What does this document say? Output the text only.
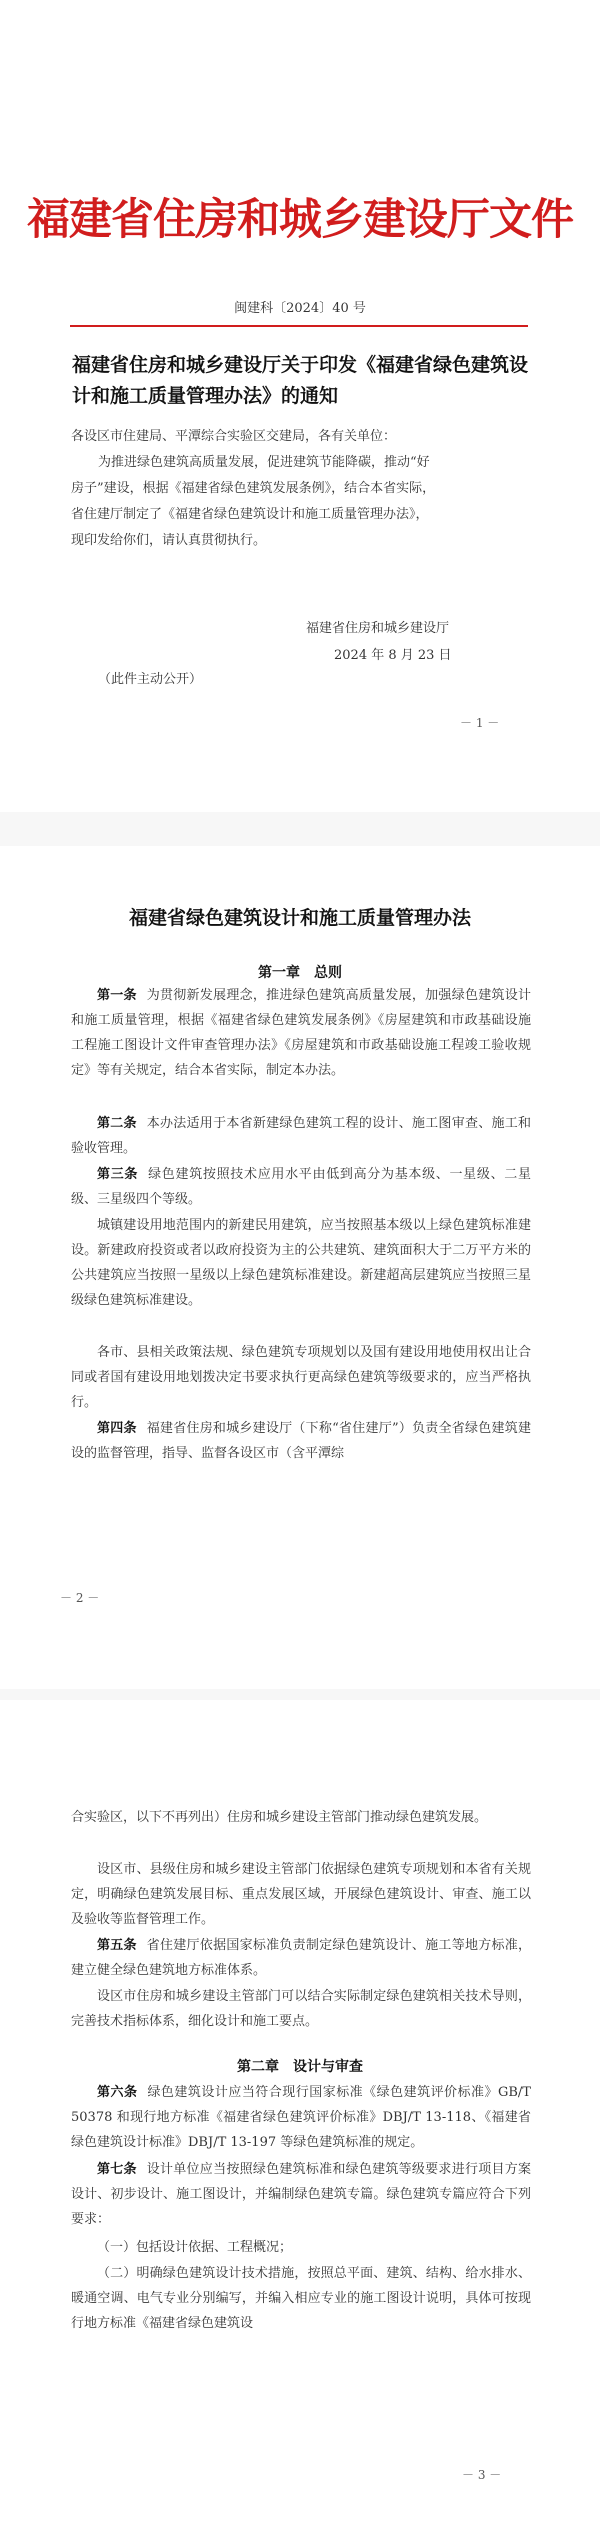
福建省住房和城乡建设厅文件
闽建科〔2024〕40 号
福建省住房和城乡建设厅关于印发《福建省绿色建筑设计和施工质量管理办法》的通知
各设区市住建局、平潭综合实验区交建局，各有关单位：
为推进绿色建筑高质量发展，促进建筑节能降碳，推动“好
房子”建设，根据《福建省绿色建筑发展条例》，结合本省实际，
省住建厅制定了《福建省绿色建筑设计和施工质量管理办法》，
现印发给你们，请认真贯彻执行。
福建省住房和城乡建设厅
2024 年 8 月 23 日
（此件主动公开）
－ 1 －
福建省绿色建筑设计和施工质量管理办法
第一章　总则
第一条 为贯彻新发展理念，推进绿色建筑高质量发展，加强绿色建筑设计和施工质量管理，根据《福建省绿色建筑发展条例》《房屋建筑和市政基础设施工程施工图设计文件审查管理办法》《房屋建筑和市政基础设施工程竣工验收规定》等有关规定，结合本省实际，制定本办法。
第二条 本办法适用于本省新建绿色建筑工程的设计、施工图审查、施工和验收管理。
第三条 绿色建筑按照技术应用水平由低到高分为基本级、一星级、二星级、三星级四个等级。
城镇建设用地范围内的新建民用建筑，应当按照基本级以上绿色建筑标准建设。新建政府投资或者以政府投资为主的公共建筑、建筑面积大于二万平方米的公共建筑应当按照一星级以上绿色建筑标准建设。新建超高层建筑应当按照三星级绿色建筑标准建设。
各市、县相关政策法规、绿色建筑专项规划以及国有建设用地使用权出让合同或者国有建设用地划拨决定书要求执行更高绿色建筑等级要求的，应当严格执行。
第四条 福建省住房和城乡建设厅（下称“省住建厅”）负责全省绿色建筑建设的监督管理，指导、监督各设区市（含平潭综
－ 2 －
合实验区，以下不再列出）住房和城乡建设主管部门推动绿色建筑发展。
设区市、县级住房和城乡建设主管部门依据绿色建筑专项规划和本省有关规定，明确绿色建筑发展目标、重点发展区域，开展绿色建筑设计、审查、施工以及验收等监督管理工作。
第五条 省住建厅依据国家标准负责制定绿色建筑设计、施工等地方标准，建立健全绿色建筑地方标准体系。
设区市住房和城乡建设主管部门可以结合实际制定绿色建筑相关技术导则，完善技术指标体系，细化设计和施工要点。
第二章　设计与审查
第六条 绿色建筑设计应当符合现行国家标准《绿色建筑评价标准》GB/T 50378 和现行地方标准《福建省绿色建筑评价标准》DBJ/T 13-118、《福建省绿色建筑设计标准》DBJ/T 13-197 等绿色建筑标准的规定。
第七条 设计单位应当按照绿色建筑标准和绿色建筑等级要求进行项目方案设计、初步设计、施工图设计，并编制绿色建筑专篇。绿色建筑专篇应符合下列要求：
（一）包括设计依据、工程概况；
（二）明确绿色建筑设计技术措施，按照总平面、建筑、结构、给水排水、暖通空调、电气专业分别编写，并编入相应专业的施工图设计说明，具体可按现行地方标准《福建省绿色建筑设
－ 3 －
